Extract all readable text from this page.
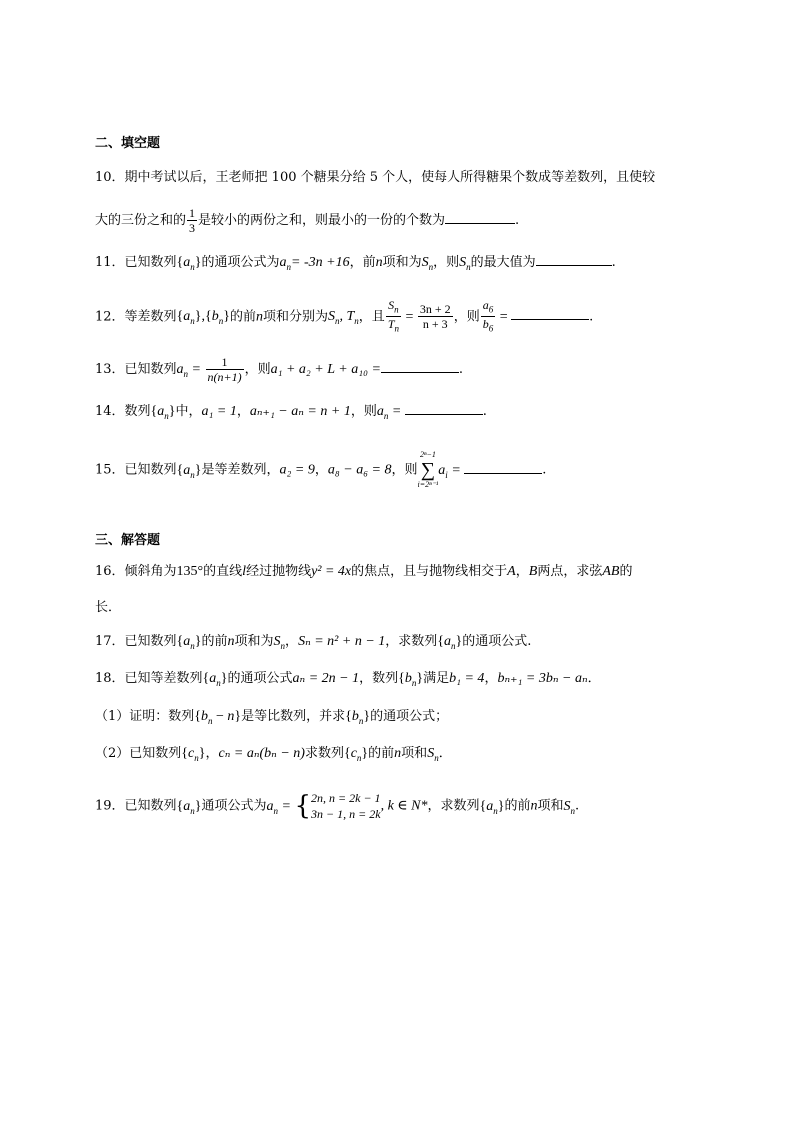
二、填空题
10．期中考试以后，王老师把 100 个糖果分给 5 个人，使每人所得糖果个数成等差数列，且使较
大的三份之和的 $\frac{1}{3}$ 是较小的两份之和，则最小的一份的个数为	.
11．已知数列$\{a_n\}$的通项公式为$a_n= -3n +16$，前n项和为$S_n$，则$S_n$的最大值为	.
12．等差数列$\{a_n\},\{b_n\}$的前n项和分别为$S_n$, $T_n$，且 $\frac{S_n}{T_n} = \frac{3n + 2}{n + 3}$ ，则 $\frac{a_6}{b_6}$ =	.
13．已知数列$a_n = \frac{1}{n(n+1)}$ ，则a₁ + a₂ + L + a₁₀ =	.
14．数列$\{a_n\}$中，a₁ = 1，aₙ₊₁ − aₙ = n + 1，则$a_n$ =	.
15．已知数列$\{a_n\}$是等差数列，a₂ = 9，a₈ − a₆ = 8，则
2ⁿ−1
∑
i=2ⁿ⁻¹
$a_i$ =	.
三、解答题
16．倾斜角为135°的直线l经过抛物线y² = 4x的焦点，且与抛物线相交于A，B两点，求弦AB的
长．
17．已知数列$\{a_n\}$的前n项和为$S_n$，Sₙ = n² + n − 1，求数列$\{a_n\}$的通项公式.
18．已知等差数列$\{a_n\}$的通项公式aₙ = 2n − 1，数列$\{b_n\}$满足b₁ = 4，bₙ₊₁ = 3bₙ − aₙ．
（1）证明：数列$\{b_n - n\}$是等比数列，并求$\{b_n\}$的通项公式；
（2）已知数列$\{c_n\}$，cₙ = aₙ(bₙ − n)求数列$\{c_n\}$的前n项和$S_n$．
19．已知数列$\{a_n\}$通项公式为$a_n$ = { 2n, n = 2k − 1
3n − 1, n = 2k
, k ∈ N*，求数列$\{a_n\}$的前n项和$S_n$.
